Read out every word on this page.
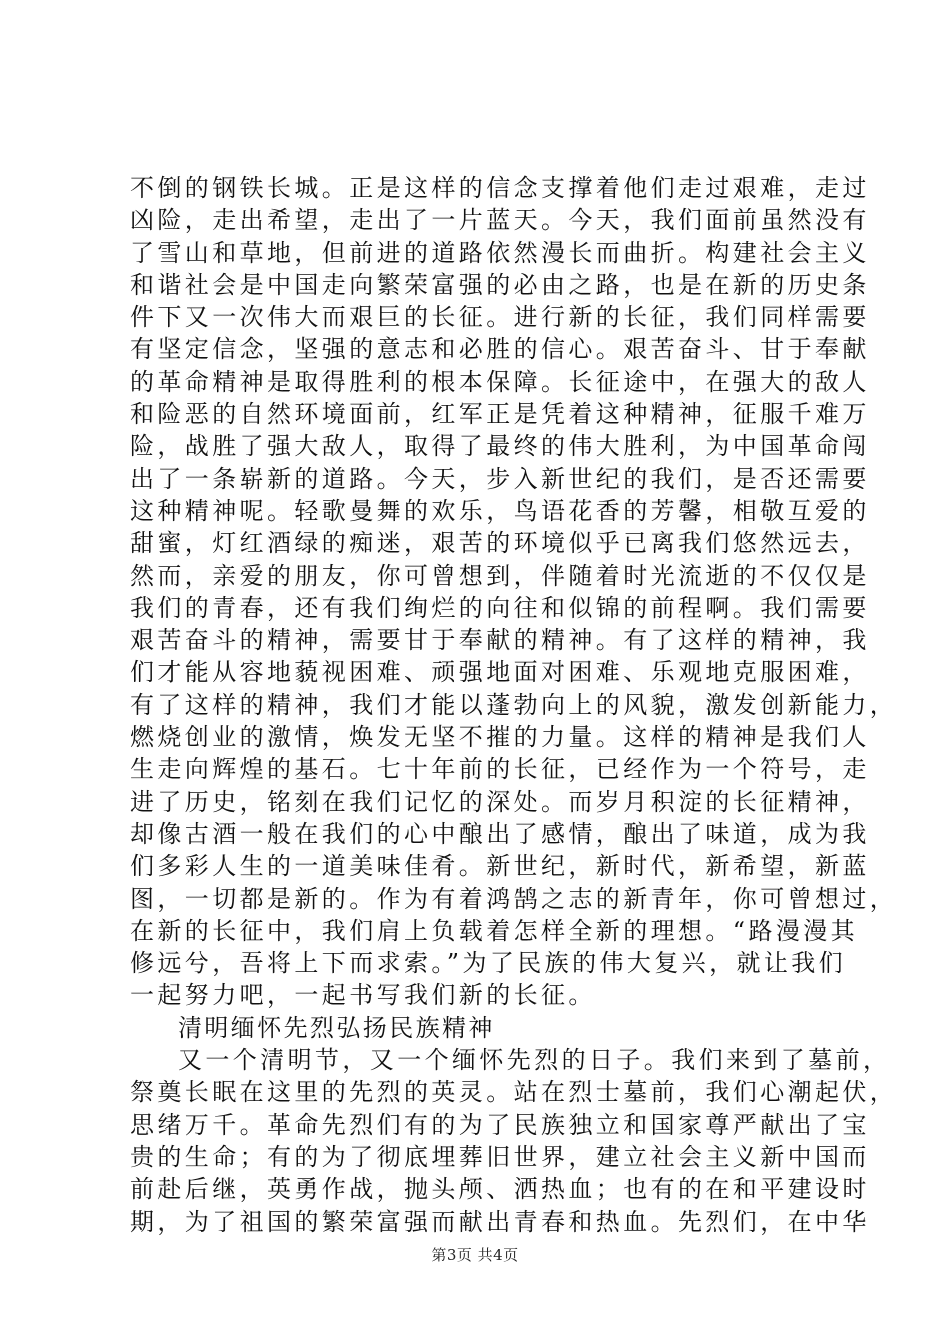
不倒的钢铁长城。正是这样的信念支撑着他们走过艰难，走过
凶险，走出希望，走出了一片蓝天。今天，我们面前虽然没有
了雪山和草地，但前进的道路依然漫长而曲折。构建社会主义
和谐社会是中国走向繁荣富强的必由之路，也是在新的历史条
件下又一次伟大而艰巨的长征。进行新的长征，我们同样需要
有坚定信念，坚强的意志和必胜的信心。艰苦奋斗、甘于奉献
的革命精神是取得胜利的根本保障。长征途中，在强大的敌人
和险恶的自然环境面前，红军正是凭着这种精神，征服千难万
险，战胜了强大敌人，取得了最终的伟大胜利，为中国革命闯
出了一条崭新的道路。今天，步入新世纪的我们，是否还需要
这种精神呢。轻歌曼舞的欢乐，鸟语花香的芳馨，相敬互爱的
甜蜜，灯红酒绿的痴迷，艰苦的环境似乎已离我们悠然远去，
然而，亲爱的朋友，你可曾想到，伴随着时光流逝的不仅仅是
我们的青春，还有我们绚烂的向往和似锦的前程啊。我们需要
艰苦奋斗的精神，需要甘于奉献的精神。有了这样的精神，我
们才能从容地藐视困难、顽强地面对困难、乐观地克服困难，
有了这样的精神，我们才能以蓬勃向上的风貌，激发创新能力，
燃烧创业的激情，焕发无坚不摧的力量。这样的精神是我们人
生走向辉煌的基石。七十年前的长征，已经作为一个符号，走
进了历史，铭刻在我们记忆的深处。而岁月积淀的长征精神，
却像古酒一般在我们的心中酿出了感情，酿出了味道，成为我
们多彩人生的一道美味佳肴。新世纪，新时代，新希望，新蓝
图，一切都是新的。作为有着鸿鹄之志的新青年，你可曾想过，
在新的长征中，我们肩上负载着怎样全新的理想。“路漫漫其
修远兮，吾将上下而求索。”为了民族的伟大复兴，就让我们
一起努力吧，一起书写我们新的长征。
清明缅怀先烈弘扬民族精神
又一个清明节，又一个缅怀先烈的日子。我们来到了墓前，
祭奠长眠在这里的先烈的英灵。站在烈士墓前，我们心潮起伏，
思绪万千。革命先烈们有的为了民族独立和国家尊严献出了宝
贵的生命；有的为了彻底埋葬旧世界，建立社会主义新中国而
前赴后继，英勇作战，抛头颅、洒热血；也有的在和平建设时
期，为了祖国的繁荣富强而献出青春和热血。先烈们，在中华
第3页 共4页
